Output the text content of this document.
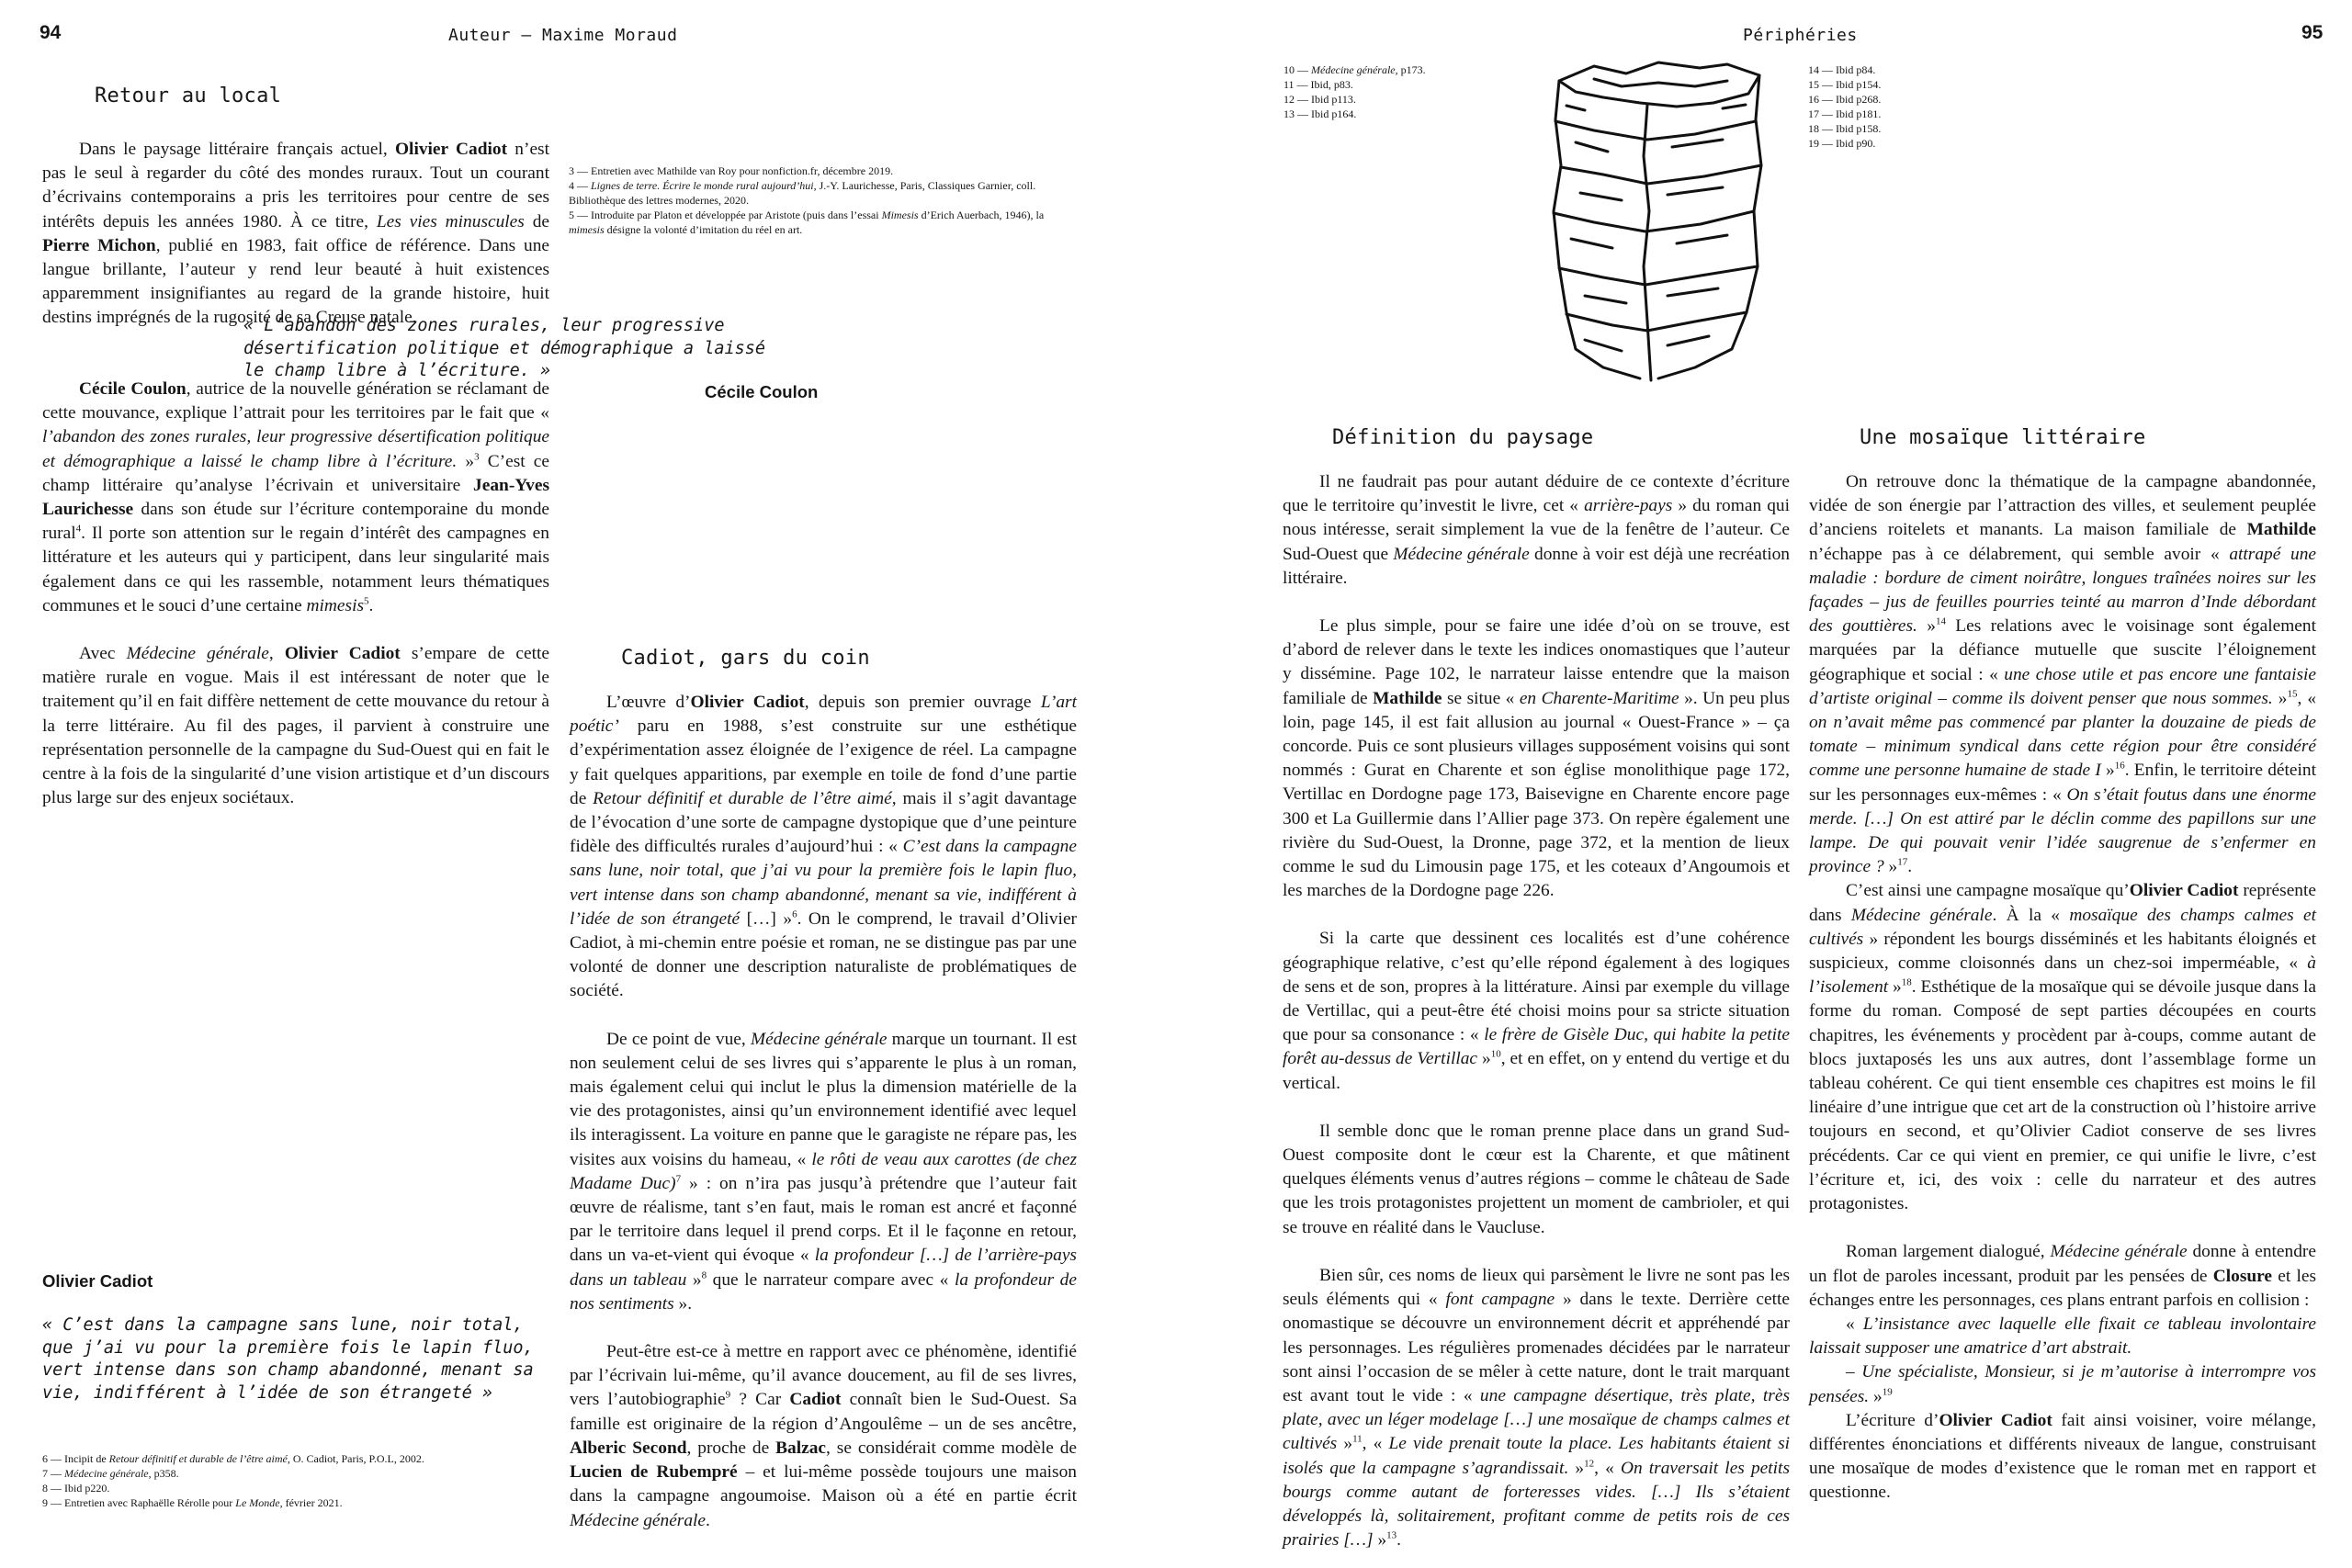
94	Auteur — Maxime Moraud
Retour au local

Dans le paysage littéraire français actuel, Olivier Cadiot n’est pas le seul à regarder du côté des mondes ruraux. Tout un courant d’écrivains contemporains a pris les territoires pour centre de ses intérêts depuis les années 1980. À ce titre, Les vies minuscules de Pierre Michon, publié en 1983, fait office de référence. Dans une langue brillante, l’auteur y rend leur beauté à huit existences apparemment insignifiantes au regard de la grande histoire, huit destins imprégnés de la rugosité de sa Creuse natale.

« L’abandon des zones rurales, leur progressive désertification politique et démographique a laissé le champ libre à l’écriture. »
Cécile Coulon

Cécile Coulon, autrice de la nouvelle génération se réclamant de cette mouvance, explique l’attrait pour les territoires par le fait que « l’abandon des zones rurales, leur progressive désertification politique et démographique a laissé le champ libre à l’écriture. »$^3$ C’est ce champ littéraire qu’analyse l’écrivain et universitaire Jean-Yves Laurichesse dans son étude sur l’écriture contemporaine du monde rural$^4$. Il porte son attention sur le regain d’intérêt des campagnes en littérature et les auteurs qui y participent, dans leur singularité mais également dans ce qui les rassemble, notamment leurs thématiques communes et le souci d’une certaine mimesis$^5$.

Avec Médecine générale, Olivier Cadiot s’empare de cette matière rurale en vogue. Mais il est intéressant de noter que le traitement qu’il en fait diffère nettement de cette mouvance du retour à la terre littéraire. Au fil des pages, il parvient à construire une représentation personnelle de la campagne du Sud-Ouest qui en fait le centre à la fois de la singularité d’une vision artistique et d’un discours plus large sur des enjeux sociétaux.

3 — Entretien avec Mathilde van Roy pour nonfiction.fr, décembre 2019.
4 — Lignes de terre. Écrire le monde rural aujourd’hui, J.-Y. Laurichesse, Paris, Classiques Garnier, coll. Bibliothèque des lettres modernes, 2020.
5 — Introduite par Platon et développée par Aristote (puis dans l’essai Mimesis d’Erich Auerbach, 1946), la mimesis désigne la volonté d’imitation du réel en art.
Olivier Cadiot
« C’est dans la campagne sans lune, noir total, que j’ai vu pour la première fois le lapin fluo, vert intense dans son champ abandonné, menant sa vie, indifférent à l’idée de son étrangeté »
6 — Incipit de Retour définitif et durable de l’être aimé, O. Cadiot, Paris, P.O.L, 2002.
7 — Médecine générale, p358.
8 — Ibid p220.
9 — Entretien avec Raphaëlle Rérolle pour Le Monde, février 2021.
Cadiot, gars du coin

L’œuvre d’Olivier Cadiot, depuis son premier ouvrage L’art poétic’ paru en 1988, s’est construite sur une esthétique d’expérimentation assez éloignée de l’exigence de réel. La campagne y fait quelques apparitions, par exemple en toile de fond d’une partie de Retour définitif et durable de l’être aimé, mais il s’agit davantage de l’évocation d’une sorte de campagne dystopique que d’une peinture fidèle des difficultés rurales d’aujourd’hui : « C’est dans la campagne sans lune, noir total, que j’ai vu pour la première fois le lapin fluo, vert intense dans son champ abandonné, menant sa vie, indifférent à l’idée de son étrangeté […] »$^6$. On le comprend, le travail d’Olivier Cadiot, à mi-chemin entre poésie et roman, ne se distingue pas par une volonté de donner une description naturaliste de problématiques de société.

De ce point de vue, Médecine générale marque un tournant. Il est non seulement celui de ses livres qui s’apparente le plus à un roman, mais également celui qui inclut le plus la dimension matérielle de la vie des protagonistes, ainsi qu’un environnement identifié avec lequel ils interagissent. La voiture en panne que le garagiste ne répare pas, les visites aux voisins du hameau, « le rôti de veau aux carottes (de chez Madame Duc)$^7$ » : on n’ira pas jusqu’à prétendre que l’auteur fait œuvre de réalisme, tant s’en faut, mais le roman est ancré et façonné par le territoire dans lequel il prend corps. Et il le façonne en retour, dans un va-et-vient qui évoque « la profondeur […] de l’arrière-pays dans un tableau »$^8$ que le narrateur compare avec « la profondeur de nos sentiments ».

Peut-être est-ce à mettre en rapport avec ce phénomène, identifié par l’écrivain lui-même, qu’il avance doucement, au fil de ses livres, vers l’autobiographie$^9$ ? Car Cadiot connaît bien le Sud-Ouest. Sa famille est originaire de la région d’Angoulême – un de ses ancêtre, Alberic Second, proche de Balzac, se considérait comme modèle de Lucien de Rubempré – et lui-même possède toujours une maison dans la campagne angoumoise. Maison où a été en partie écrit Médecine générale.

95
Périphéries
10 — Médecine générale, p173.
11 — Ibid, p83.
12 — Ibid p113.
13 — Ibid p164.
14 — Ibid p84.
15 — Ibid p154.
16 — Ibid p268.
17 — Ibid p181.
18 — Ibid p158.
19 — Ibid p90.
Définition du paysage	Une mosaïque littéraire

Il ne faudrait pas pour autant déduire de ce contexte d’écriture que le territoire qu’investit le livre, cet « arrière-pays » du roman qui nous intéresse, serait simplement la vue de la fenêtre de l’auteur. Ce Sud-Ouest que Médecine générale donne à voir est déjà une recréation littéraire.

Le plus simple, pour se faire une idée d’où on se trouve, est d’abord de relever dans le texte les indices onomastiques que l’auteur y dissémine. Page 102, le narrateur laisse entendre que la maison familiale de Mathilde se situe « en Charente-Maritime ». Un peu plus loin, page 145, il est fait allusion au journal « Ouest-France » – ça concorde. Puis ce sont plusieurs villages supposément voisins qui sont nommés : Gurat en Charente et son église monolithique page 172, Vertillac en Dordogne page 173, Baisevigne en Charente encore page 300 et La Guillermie dans l’Allier page 373. On repère également une rivière du Sud-Ouest, la Dronne, page 372, et la mention de lieux comme le sud du Limousin page 175, et les coteaux d’Angoumois et les marches de la Dordogne page 226.

Si la carte que dessinent ces localités est d’une cohérence géographique relative, c’est qu’elle répond également à des logiques de sens et de son, propres à la littérature. Ainsi par exemple du village de Vertillac, qui a peut-être été choisi moins pour sa stricte situation que pour sa consonance : « le frère de Gisèle Duc, qui habite la petite forêt au-dessus de Vertillac »$^{10}$, et en effet, on y entend du vertige et du vertical.

Il semble donc que le roman prenne place dans un grand Sud-Ouest composite dont le cœur est la Charente, et que mâtinent quelques éléments venus d’autres régions – comme le château de Sade que les trois protagonistes projettent un moment de cambrioler, et qui se trouve en réalité dans le Vaucluse.

Bien sûr, ces noms de lieux qui parsèment le livre ne sont pas les seuls éléments qui « font campagne » dans le texte. Derrière cette onomastique se découvre un environnement décrit et appréhendé par les personnages. Les régulières promenades décidées par le narrateur sont ainsi l’occasion de se mêler à cette nature, dont le trait marquant est avant tout le vide : « une campagne désertique, très plate, très plate, avec un léger modelage […] une mosaïque de champs calmes et cultivés »$^{11}$, « Le vide prenait toute la place. Les habitants étaient si isolés que la campagne s’agrandissait. »$^{12}$, « On traversait les petits bourgs comme autant de forteresses vides. […] Ils s’étaient développés là, solitairement, profitant comme de petits rois de ces prairies […] »$^{13}$.

On retrouve donc la thématique de la campagne abandonnée, vidée de son énergie par l’attraction des villes, et seulement peuplée d’anciens roitelets et manants. La maison familiale de Mathilde n’échappe pas à ce délabrement, qui semble avoir « attrapé une maladie : bordure de ciment noirâtre, longues traînées noires sur les façades – jus de feuilles pourries teinté au marron d’Inde débordant des gouttières. »$^{14}$ Les relations avec le voisinage sont également marquées par la défiance mutuelle que suscite l’éloignement géographique et social : « une chose utile et pas encore une fantaisie d’artiste original – comme ils doivent penser que nous sommes. »$^{15}$, « on n’avait même pas commencé par planter la douzaine de pieds de tomate – minimum syndical dans cette région pour être considéré comme une personne humaine de stade I »$^{16}$. Enfin, le territoire déteint sur les personnages eux-mêmes : « On s’était foutus dans une énorme merde. […] On est attiré par le déclin comme des papillons sur une lampe. De qui pouvait venir l’idée saugrenue de s’enfermer en province ? »$^{17}$.

C’est ainsi une campagne mosaïque qu’Olivier Cadiot représente dans Médecine générale. À la « mosaïque des champs calmes et cultivés » répondent les bourgs disséminés et les habitants éloignés et suspicieux, comme cloisonnés dans un chez-soi imperméable, « à l’isolement »$^{18}$. Esthétique de la mosaïque qui se dévoile jusque dans la forme du roman. Composé de sept parties découpées en courts chapitres, les événements y procèdent par à-coups, comme autant de blocs juxtaposés les uns aux autres, dont l’assemblage forme un tableau cohérent. Ce qui tient ensemble ces chapitres est moins le fil linéaire d’une intrigue que cet art de la construction où l’histoire arrive toujours en second, et qu’Olivier Cadiot conserve de ses livres précédents. Car ce qui vient en premier, ce qui unifie le livre, c’est l’écriture et, ici, des voix : celle du narrateur et des autres protagonistes.

Roman largement dialogué, Médecine générale donne à entendre un flot de paroles incessant, produit par les pensées de Closure et les échanges entre les personnages, ces plans entrant parfois en collision :

« L’insistance avec laquelle elle fixait ce tableau involontaire laissait supposer une amatrice d’art abstrait.

– Une spécialiste, Monsieur, si je m’autorise à interrompre vos pensées. »$^{19}$

L’écriture d’Olivier Cadiot fait ainsi voisiner, voire mélange, différentes énonciations et différents niveaux de langue, construisant une mosaïque de modes d’existence que le roman met en rapport et questionne.
